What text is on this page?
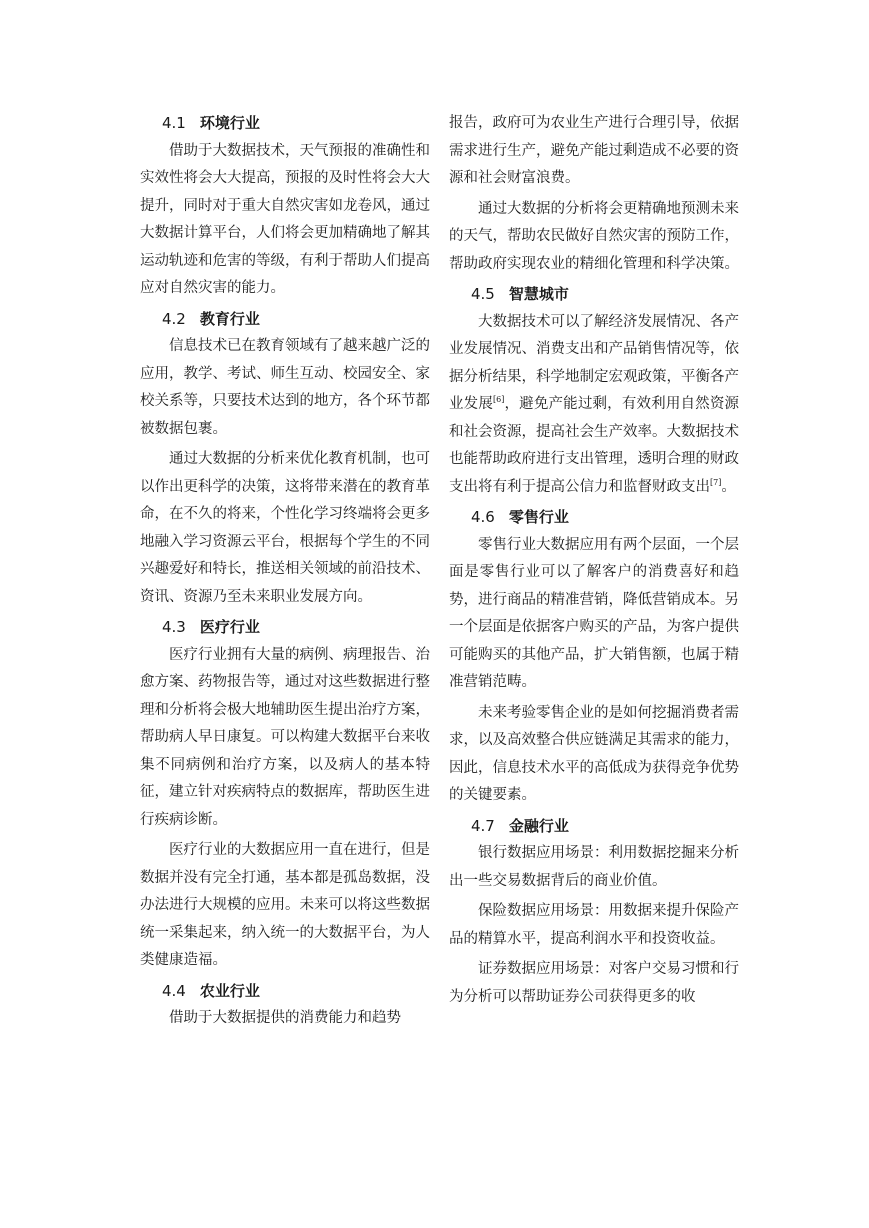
4.1 环境行业

借助于大数据技术，天气预报的准确性和实效性将会大大提高，预报的及时性将会大大提升，同时对于重大自然灾害如龙卷风，通过大数据计算平台，人们将会更加精确地了解其运动轨迹和危害的等级，有利于帮助人们提高应对自然灾害的能力。

4.2 教育行业

信息技术已在教育领域有了越来越广泛的应用，教学、考试、师生互动、校园安全、家校关系等，只要技术达到的地方，各个环节都被数据包裹。

通过大数据的分析来优化教育机制，也可以作出更科学的决策，这将带来潜在的教育革命，在不久的将来，个性化学习终端将会更多地融入学习资源云平台，根据每个学生的不同兴趣爱好和特长，推送相关领域的前沿技术、资讯、资源乃至未来职业发展方向。

4.3 医疗行业

医疗行业拥有大量的病例、病理报告、治愈方案、药物报告等，通过对这些数据进行整理和分析将会极大地辅助医生提出治疗方案，帮助病人早日康复。可以构建大数据平台来收集不同病例和治疗方案，以及病人的基本特征，建立针对疾病特点的数据库，帮助医生进行疾病诊断。

医疗行业的大数据应用一直在进行，但是数据并没有完全打通，基本都是孤岛数据，没办法进行大规模的应用。未来可以将这些数据统一采集起来，纳入统一的大数据平台，为人类健康造福。

4.4 农业行业

借助于大数据提供的消费能力和趋势

报告，政府可为农业生产进行合理引导，依据需求进行生产，避免产能过剩造成不必要的资源和社会财富浪费。

通过大数据的分析将会更精确地预测未来的天气，帮助农民做好自然灾害的预防工作，帮助政府实现农业的精细化管理和科学决策。

4.5 智慧城市

大数据技术可以了解经济发展情况、各产业发展情况、消费支出和产品销售情况等，依据分析结果，科学地制定宏观政策，平衡各产业发展[6]，避免产能过剩，有效利用自然资源和社会资源，提高社会生产效率。大数据技术也能帮助政府进行支出管理，透明合理的财政支出将有利于提高公信力和监督财政支出[7]。

4.6 零售行业

零售行业大数据应用有两个层面，一个层面是零售行业可以了解客户的消费喜好和趋势，进行商品的精准营销，降低营销成本。另一个层面是依据客户购买的产品，为客户提供可能购买的其他产品，扩大销售额，也属于精准营销范畴。

未来考验零售企业的是如何挖掘消费者需求，以及高效整合供应链满足其需求的能力，因此，信息技术水平的高低成为获得竞争优势的关键要素。

4.7 金融行业

银行数据应用场景：利用数据挖掘来分析出一些交易数据背后的商业价值。

保险数据应用场景：用数据来提升保险产品的精算水平，提高利润水平和投资收益。

证券数据应用场景：对客户交易习惯和行为分析可以帮助证券公司获得更多的收
